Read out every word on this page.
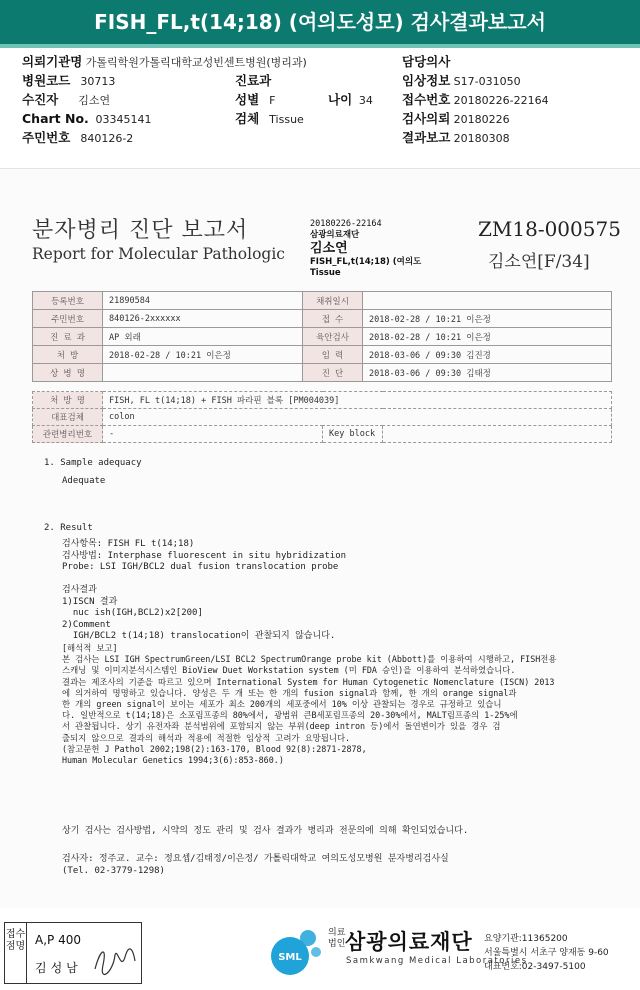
FISH_FL,t(14;18) (여의도성모) 검사결과보고서
의뢰기관명 가톨릭학원가톨릭대학교성빈센트병원(병리과)	담당의사
병원코드 30713	진료과	임상정보 S17-031050
수진자 김소연	성별 F	나이 34 접수번호 20180226-22164
Chart No. 03345141	검체 Tissue	검사의뢰 20180226
주민번호 840126-2	결과보고 20180308
분자병리 진단 보고서
Report for Molecular Pathologic
20180226-22164
삼광의료재단
김소연
FISH_FL,t(14;18) (여의도
Tissue
ZM18-000575
김소연[F/34]
등록번호	21890584	채취일시	
주민번호	840126-2xxxxxx	접 수	2018-02-28 / 10:21 이은정
진 료 과	AP 외래	육안검사	2018-02-28 / 10:21 이은정
처 방	2018-02-28 / 10:21 이은정	임 력	2018-03-06 / 09:30 김진경
상 병 명		진 단	2018-03-06 / 09:30 김태정
처 방 명	FISH, FL t(14;18) + FISH 파라핀 블록 [PM004039]		
대표검체	colon		
관련병리번호	-	Key block	
1. Sample adequacy
Adequate
2. Result
검사항목: FISH FL t(14;18)
검사방법: Interphase fluorescent in situ hybridization
Probe: LSI IGH/BCL2 dual fusion translocation probe
검사결과
1)ISCN 결과
nuc ish(IGH,BCL2)x2[200]
2)Comment
IGH/BCL2 t(14;18) translocation이 관찰되지 않습니다.
[해석적 보고]
본 검사는 LSI IGH SpectrumGreen/LSI BCL2 SpectrumOrange probe kit (Abbott)를 이용하여 시행하고, FISH전용
스캐닝 및 이미지분석시스템인 BioView Duet Workstation system (미 FDA 승인)을 이용하여 분석하였습니다.
결과는 제조사의 기준을 따르고 있으며 International System for Human Cytogenetic Nomenclature (ISCN) 2013
에 의거하여 명명하고 있습니다. 양성은 두 개 또는 한 개의 fusion signal과 함께, 한 개의 orange signal과
한 개의 green signal이 보이는 세포가 최소 200개의 세포중에서 10% 이상 관찰되는 경우로 규정하고 있습니
다. 일반적으로 t(14;18)은 소포림프종의 80%에서, 광범위 큰B세포림프종의 20-30%에서, MALT림프종의 1-25%에
서 관찰됩니다. 상기 유전자좌 분석범위에 포함되지 않는 부위(deep intron 등)에서 돌연변이가 있을 경우 검
출되지 않으므로 결과의 해석과 적용에 적절한 임상적 고려가 요망됩니다.
(참고문헌 J Pathol 2002;198(2):163-170, Blood 92(8):2871-2878,
Human Molecular Genetics 1994;3(6):853-860.)
상기 검사는 검사방법, 시약의 정도 관리 및 검사 결과가 병리과 전문의에 의해 확인되었습니다.
검사자: 정주교. 교수: 정요셉/김태정/이은정/ 가톨릭대학교 여의도성모병원 분자병리검사실
(Tel. 02-3779-1298)
접수 점명 A,P 400
김성남
SML
의료
법인 삼광의료재단
Samkwang Medical Laboratories
요양기관:11365200
서울특별시 서초구 양재동 9-60
대표번호:02-3497-5100
